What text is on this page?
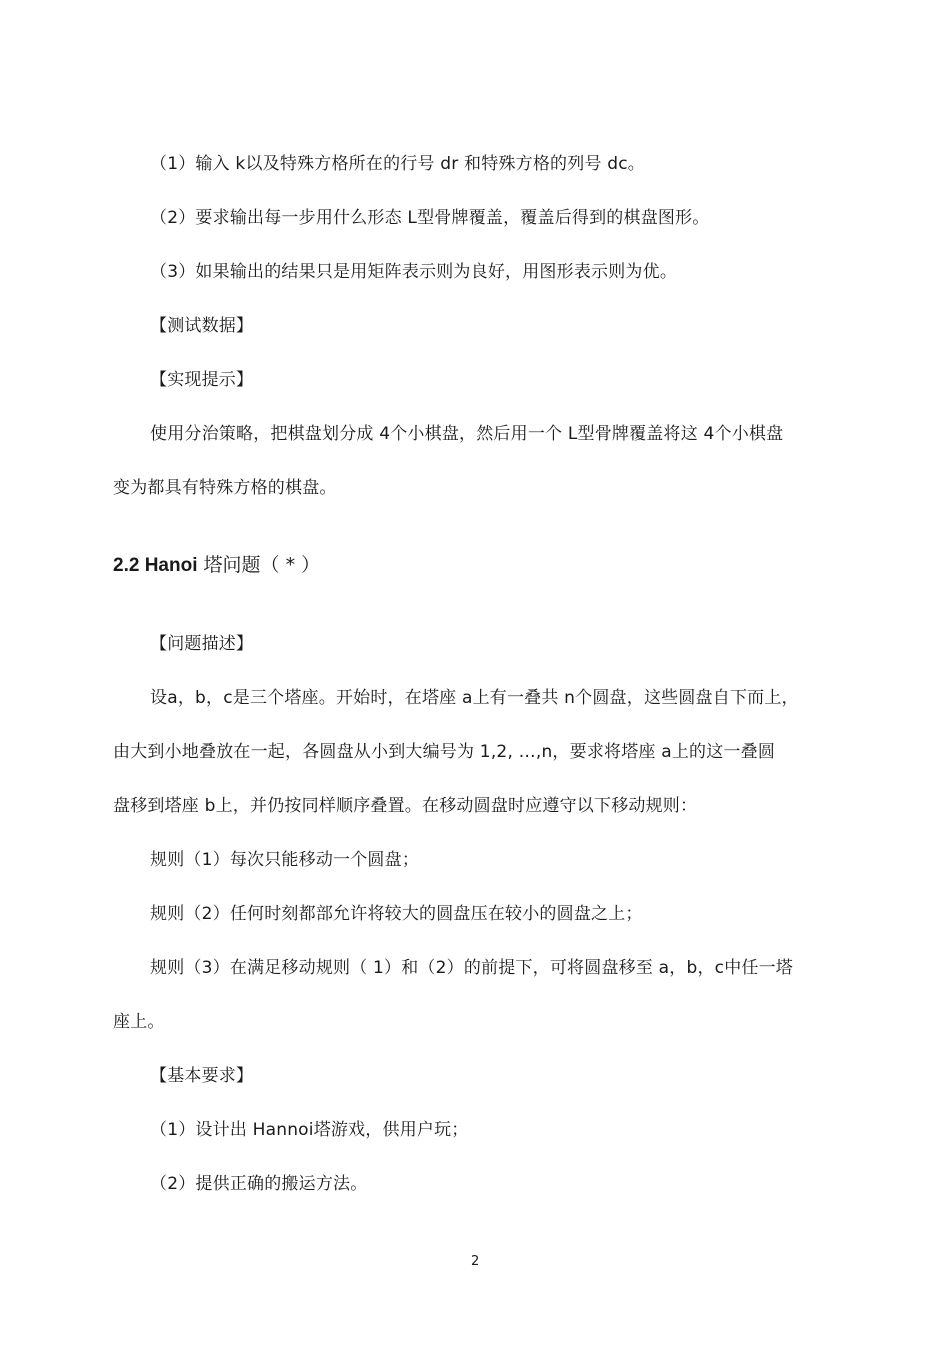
（1）输入 k以及特殊方格所在的行号 dr 和特殊方格的列号 dc。
（2）要求输出每一步用什么形态 L型骨牌覆盖，覆盖后得到的棋盘图形。
（3）如果输出的结果只是用矩阵表示则为良好，用图形表示则为优。
【测试数据】
【实现提示】
使用分治策略，把棋盘划分成 4个小棋盘，然后用一个 L型骨牌覆盖将这 4个小棋盘
变为都具有特殊方格的棋盘。
2.2 Hanoi 塔问题（ * ）
【问题描述】
设a，b，c是三个塔座。开始时，在塔座 a上有一叠共 n个圆盘，这些圆盘自下而上，
由大到小地叠放在一起，各圆盘从小到大编号为 1,2, …,n，要求将塔座 a上的这一叠圆
盘移到塔座 b上，并仍按同样顺序叠置。在移动圆盘时应遵守以下移动规则：
规则（1）每次只能移动一个圆盘；
规则（2）任何时刻都部允许将较大的圆盘压在较小的圆盘之上；
规则（3）在满足移动规则（ 1）和（2）的前提下，可将圆盘移至 a，b，c中任一塔
座上。
【基本要求】
（1）设计出 Hannoi塔游戏，供用户玩；
（2）提供正确的搬运方法。
2
